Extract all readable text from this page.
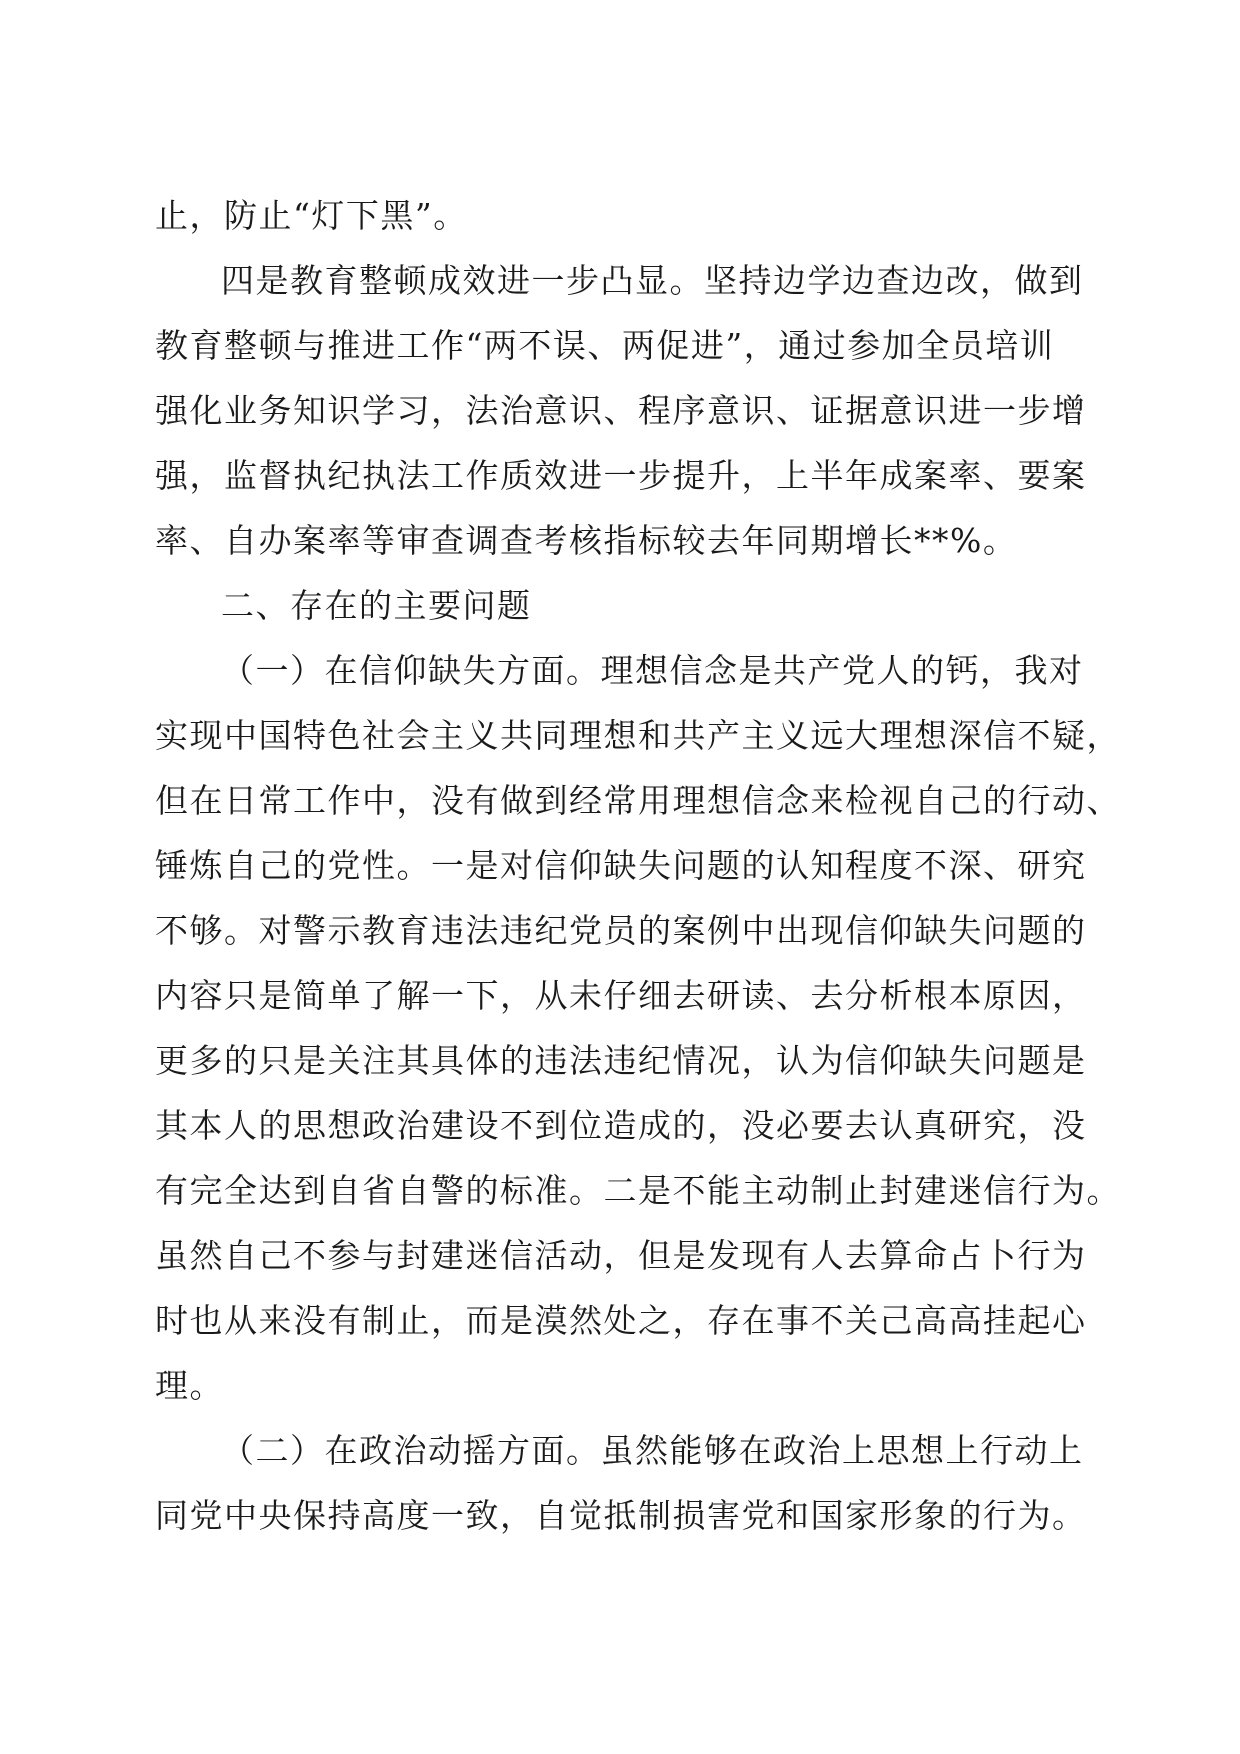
止，防止“灯下黑”。
四是教育整顿成效进一步凸显。坚持边学边查边改，做到
教育整顿与推进工作“两不误、两促进”，通过参加全员培训
强化业务知识学习，法治意识、程序意识、证据意识进一步增
强，监督执纪执法工作质效进一步提升，上半年成案率、要案
率、自办案率等审查调查考核指标较去年同期增长**%。
二、存在的主要问题
（一）在信仰缺失方面。理想信念是共产党人的钙，我对
实现中国特色社会主义共同理想和共产主义远大理想深信不疑，
但在日常工作中，没有做到经常用理想信念来检视自己的行动、
锤炼自己的党性。一是对信仰缺失问题的认知程度不深、研究
不够。对警示教育违法违纪党员的案例中出现信仰缺失问题的
内容只是简单了解一下，从未仔细去研读、去分析根本原因，
更多的只是关注其具体的违法违纪情况，认为信仰缺失问题是
其本人的思想政治建设不到位造成的，没必要去认真研究，没
有完全达到自省自警的标准。二是不能主动制止封建迷信行为。
虽然自己不参与封建迷信活动，但是发现有人去算命占卜行为
时也从来没有制止，而是漠然处之，存在事不关己高高挂起心
理。
（二）在政治动摇方面。虽然能够在政治上思想上行动上
同党中央保持高度一致，自觉抵制损害党和国家形象的行为。
